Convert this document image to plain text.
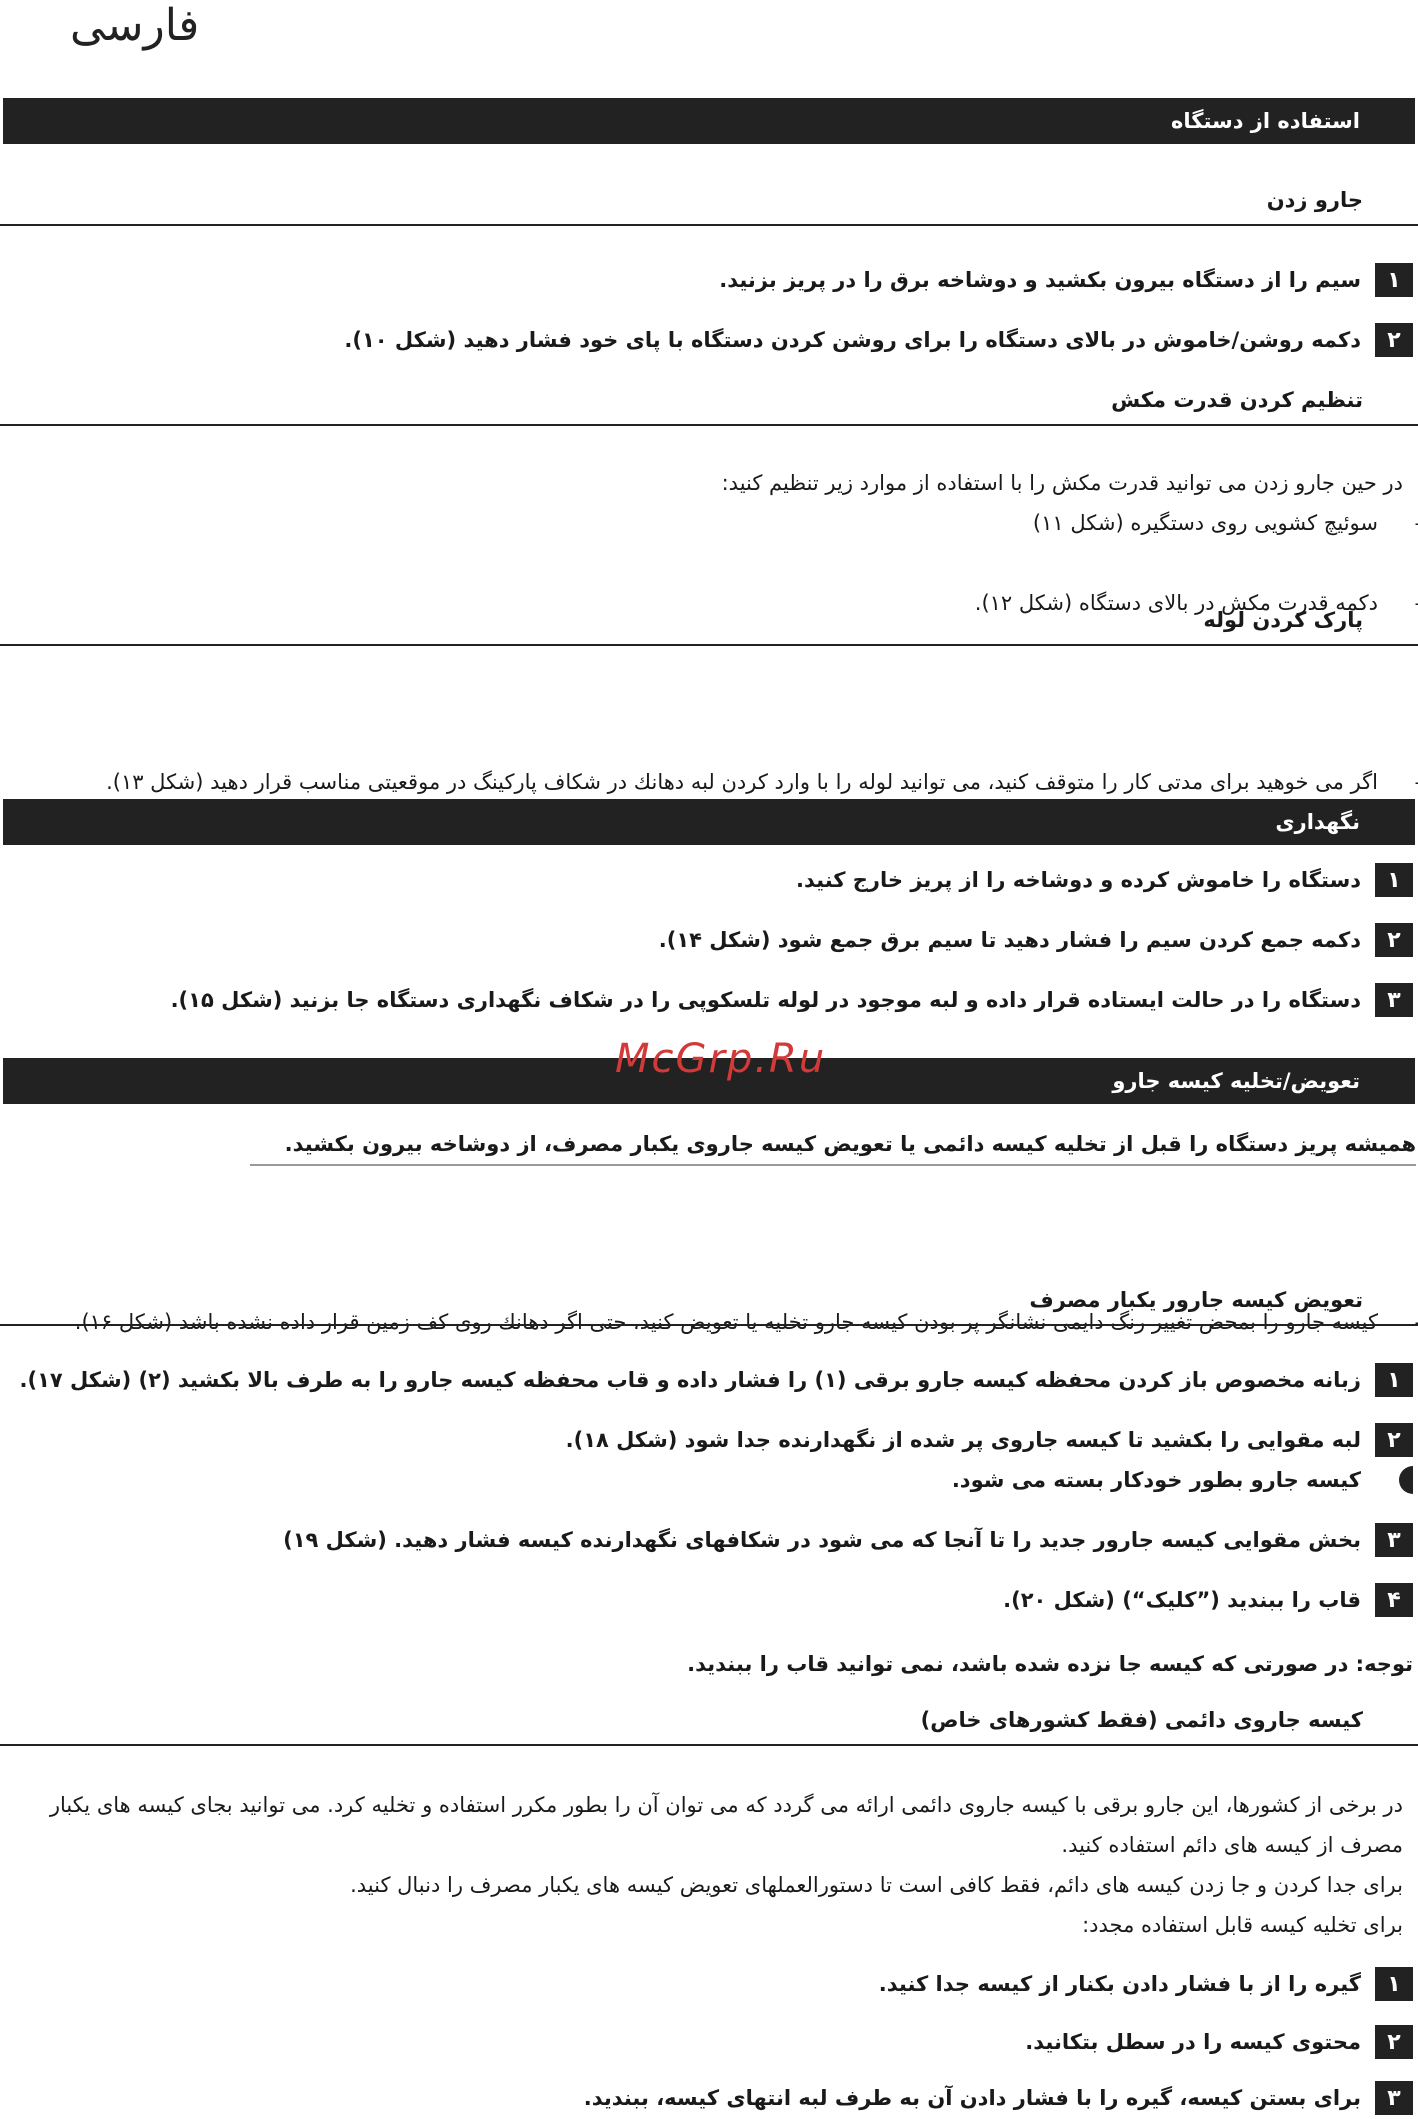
فارسی
استفاده از دستگاه
جارو زدن
۱
سیم را از دستگاه بیرون بکشید و دوشاخه برق را در پریز بزنید.
۲
دکمه روشن/خاموش در بالای دستگاه را برای روشن کردن دستگاه با پای خود فشار دهید (شکل ۱۰).
تنظیم کردن قدرت مکش
در حین جارو زدن می توانید قدرت مکش را با استفاده از موارد زیر تنظیم کنید:
– سوئیچ کشویی روی دستگیره (شکل ۱۱)
– دکمه قدرت مکش در بالای دستگاه (شکل ۱۲).
پارک کردن لوله
– اگر می خوهید برای مدتی کار را متوقف کنید، می توانید لوله را با وارد کردن لبه دهانك در شکاف پارکینگ در موقعیتی مناسب قرار دهید (شکل ۱۳).
نگهداری
۱
دستگاه را خاموش کرده و دوشاخه را از پریز خارج کنید.
۲
دکمه جمع کردن سیم را فشار دهید تا سیم برق جمع شود (شکل ۱۴).
۳
دستگاه را در حالت ایستاده قرار داده و لبه موجود در لوله تلسکوپی را در شکاف نگهداری دستگاه جا بزنید (شکل ۱۵).
تعویض/تخلیه کیسه جارو
McGrp.Ru
همیشه پریز دستگاه را قبل از تخلیه کیسه دائمی یا تعویض کیسه جاروی یکبار مصرف، از دوشاخه بیرون بکشید.
– کیسه جارو را بمحض تغییر رنگ دایمی نشانگر پر بودن کیسه جارو تخلیه یا تعویض کنید، حتی اگر دهانك روی کف زمین قرار داده نشده باشد (شکل ۱۶).
تعویض کیسه جارور یکبار مصرف
۱
زبانه مخصوص باز کردن محفظه کیسه جارو برقی (۱) را فشار داده و قاب محفظه کیسه جارو را به طرف بالا بکشید (۲) (شکل ۱۷).
۲
لبه مقوایی را بکشید تا کیسه جاروی پر شده از نگهدارنده جدا شود (شکل ۱۸).
کیسه جارو بطور خودکار بسته می شود.
۳
بخش مقوایی کیسه جارور جدید را تا آنجا که می شود در شکافهای نگهدارنده کیسه فشار دهید. (شکل ۱۹)
۴
قاب را ببندید (”کلیک“) (شکل ۲۰).
توجه: در صورتی که کیسه جا نزده شده باشد، نمی توانید قاب را ببندید.
کیسه جاروی دائمی (فقط کشورهای خاص)
در برخی از کشورها، این جارو برقی با کیسه جاروی دائمی ارائه می گردد که می توان آن را بطور مکرر استفاده و تخلیه کرد. می توانید بجای کیسه های یکبار مصرف از کیسه های دائم استفاده کنید.
برای جدا کردن و جا زدن کیسه های دائم، فقط کافی است تا دستورالعملهای تعویض کیسه های یکبار مصرف را دنبال کنید.
برای تخلیه کیسه قابل استفاده مجدد:
۱
گیره را از با فشار دادن بکنار از کیسه جدا کنید.
۲
محتوی کیسه را در سطل بتکانید.
۳
برای بستن کیسه، گیره را با فشار دادن آن به طرف لبه انتهای کیسه، ببندید.
